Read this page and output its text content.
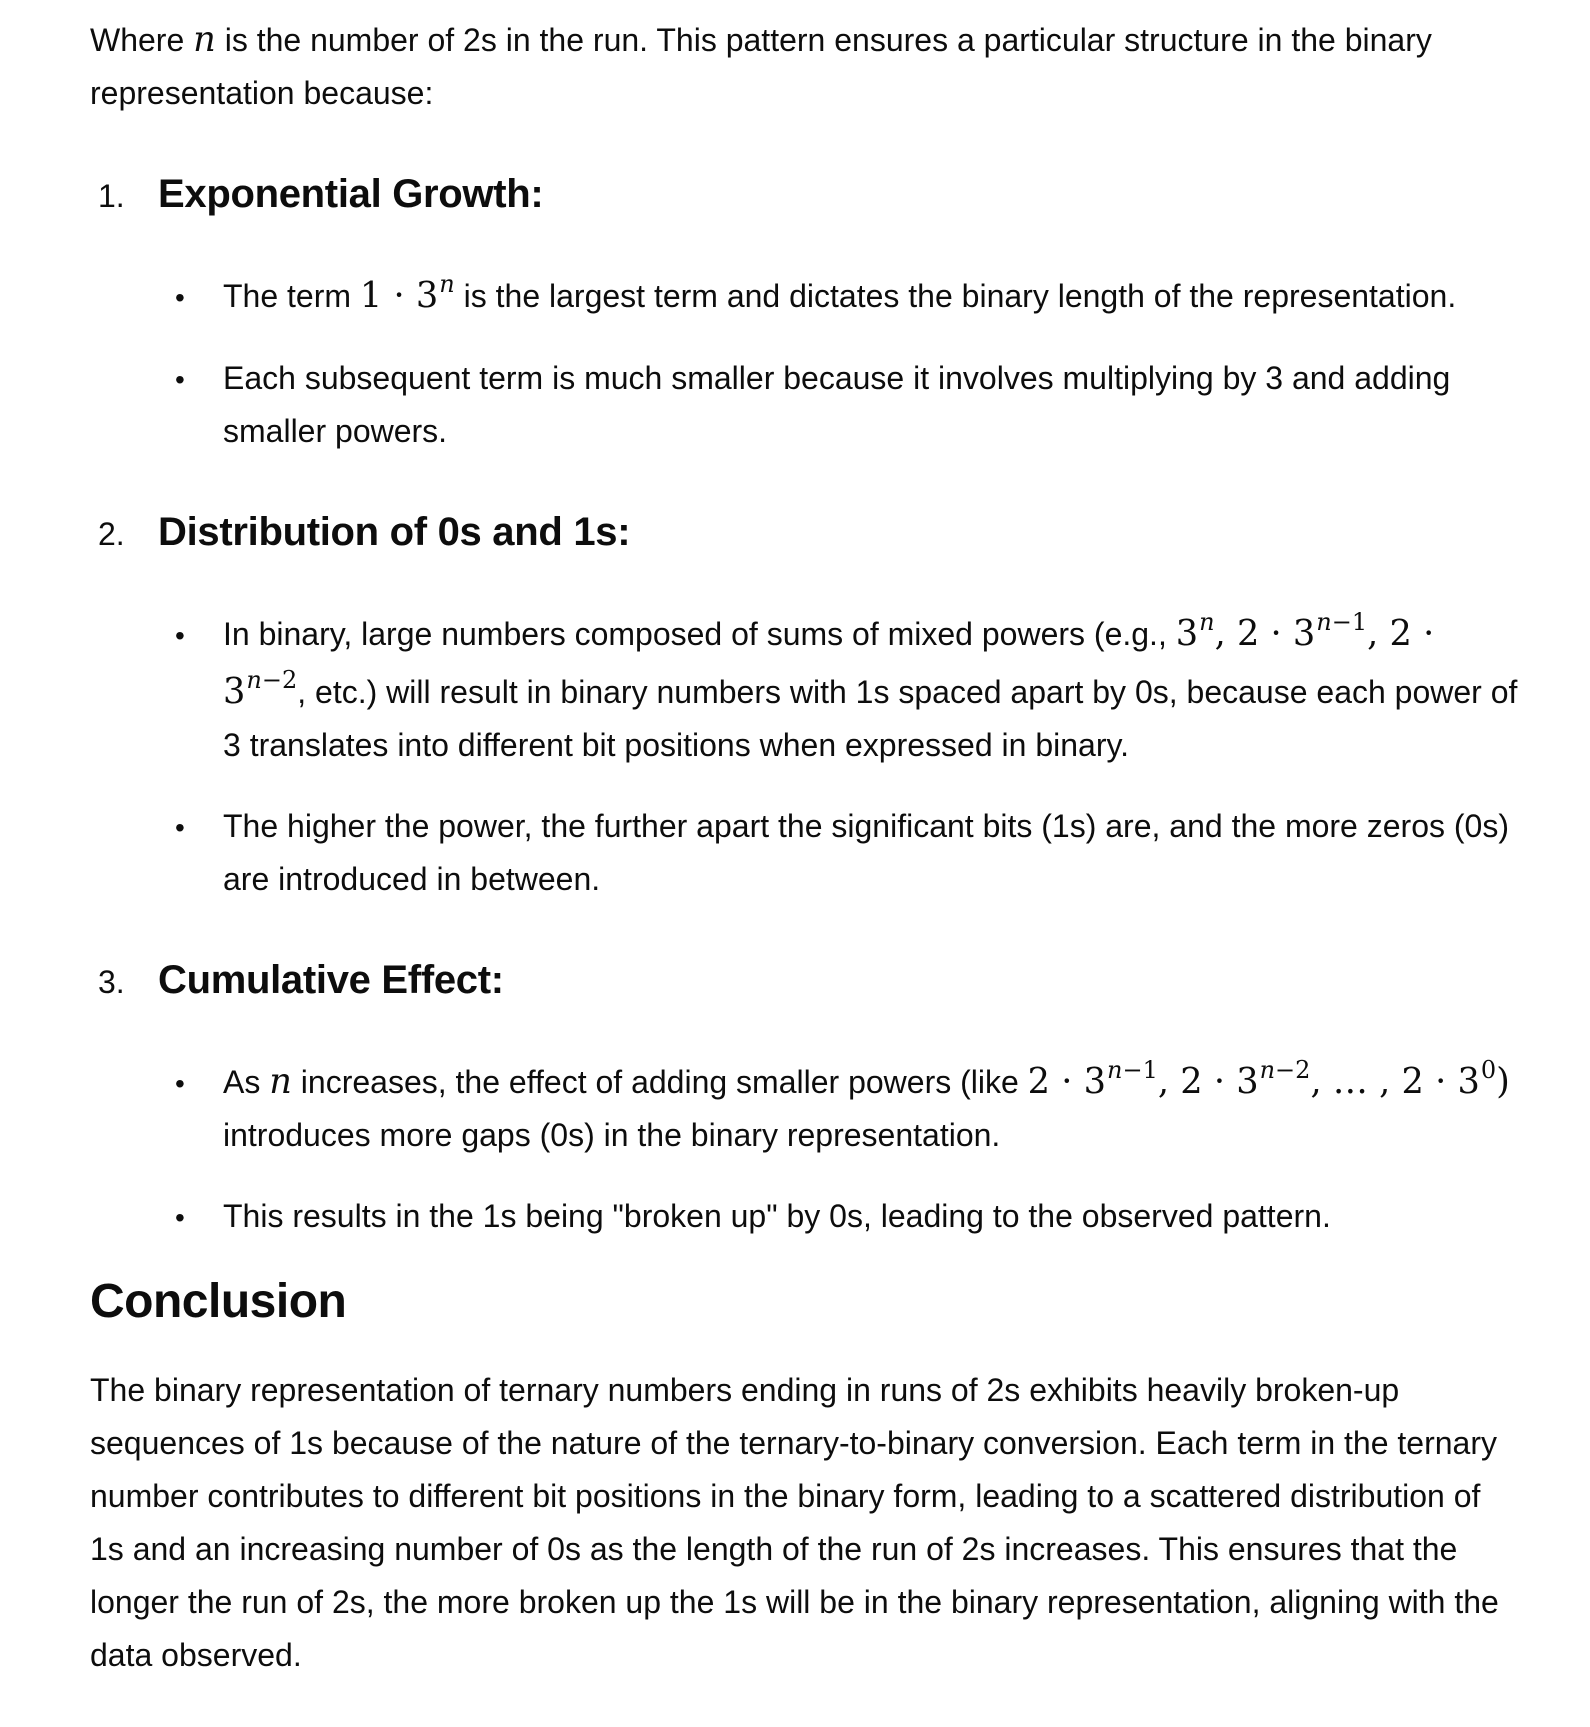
Where n is the number of 2s in the run. This pattern ensures a particular structure in the binary representation because:

1. Exponential Growth:
•	The term 1 · 3n is the largest term and dictates the binary length of the representation.
•	Each subsequent term is much smaller because it involves multiplying by 3 and adding smaller powers.
2. Distribution of 0s and 1s:
•	In binary, large numbers composed of sums of mixed powers (e.g., 3n, 2 · 3n−1, 2 · 3n−2, etc.) will result in binary numbers with 1s spaced apart by 0s, because each power of 3 translates into different bit positions when expressed in binary.
•	The higher the power, the further apart the significant bits (1s) are, and the more zeros (0s) are introduced in between.
3. Cumulative Effect:
•	As n increases, the effect of adding smaller powers (like 2 · 3n−1, 2 · 3n−2, … , 2 · 30) introduces more gaps (0s) in the binary representation.
•	This results in the 1s being "broken up" by 0s, leading to the observed pattern.
Conclusion

The binary representation of ternary numbers ending in runs of 2s exhibits heavily broken-up sequences of 1s because of the nature of the ternary-to-binary conversion. Each term in the ternary number contributes to different bit positions in the binary form, leading to a scattered distribution of 1s and an increasing number of 0s as the length of the run of 2s increases. This ensures that the longer the run of 2s, the more broken up the 1s will be in the binary representation, aligning with the data observed.
